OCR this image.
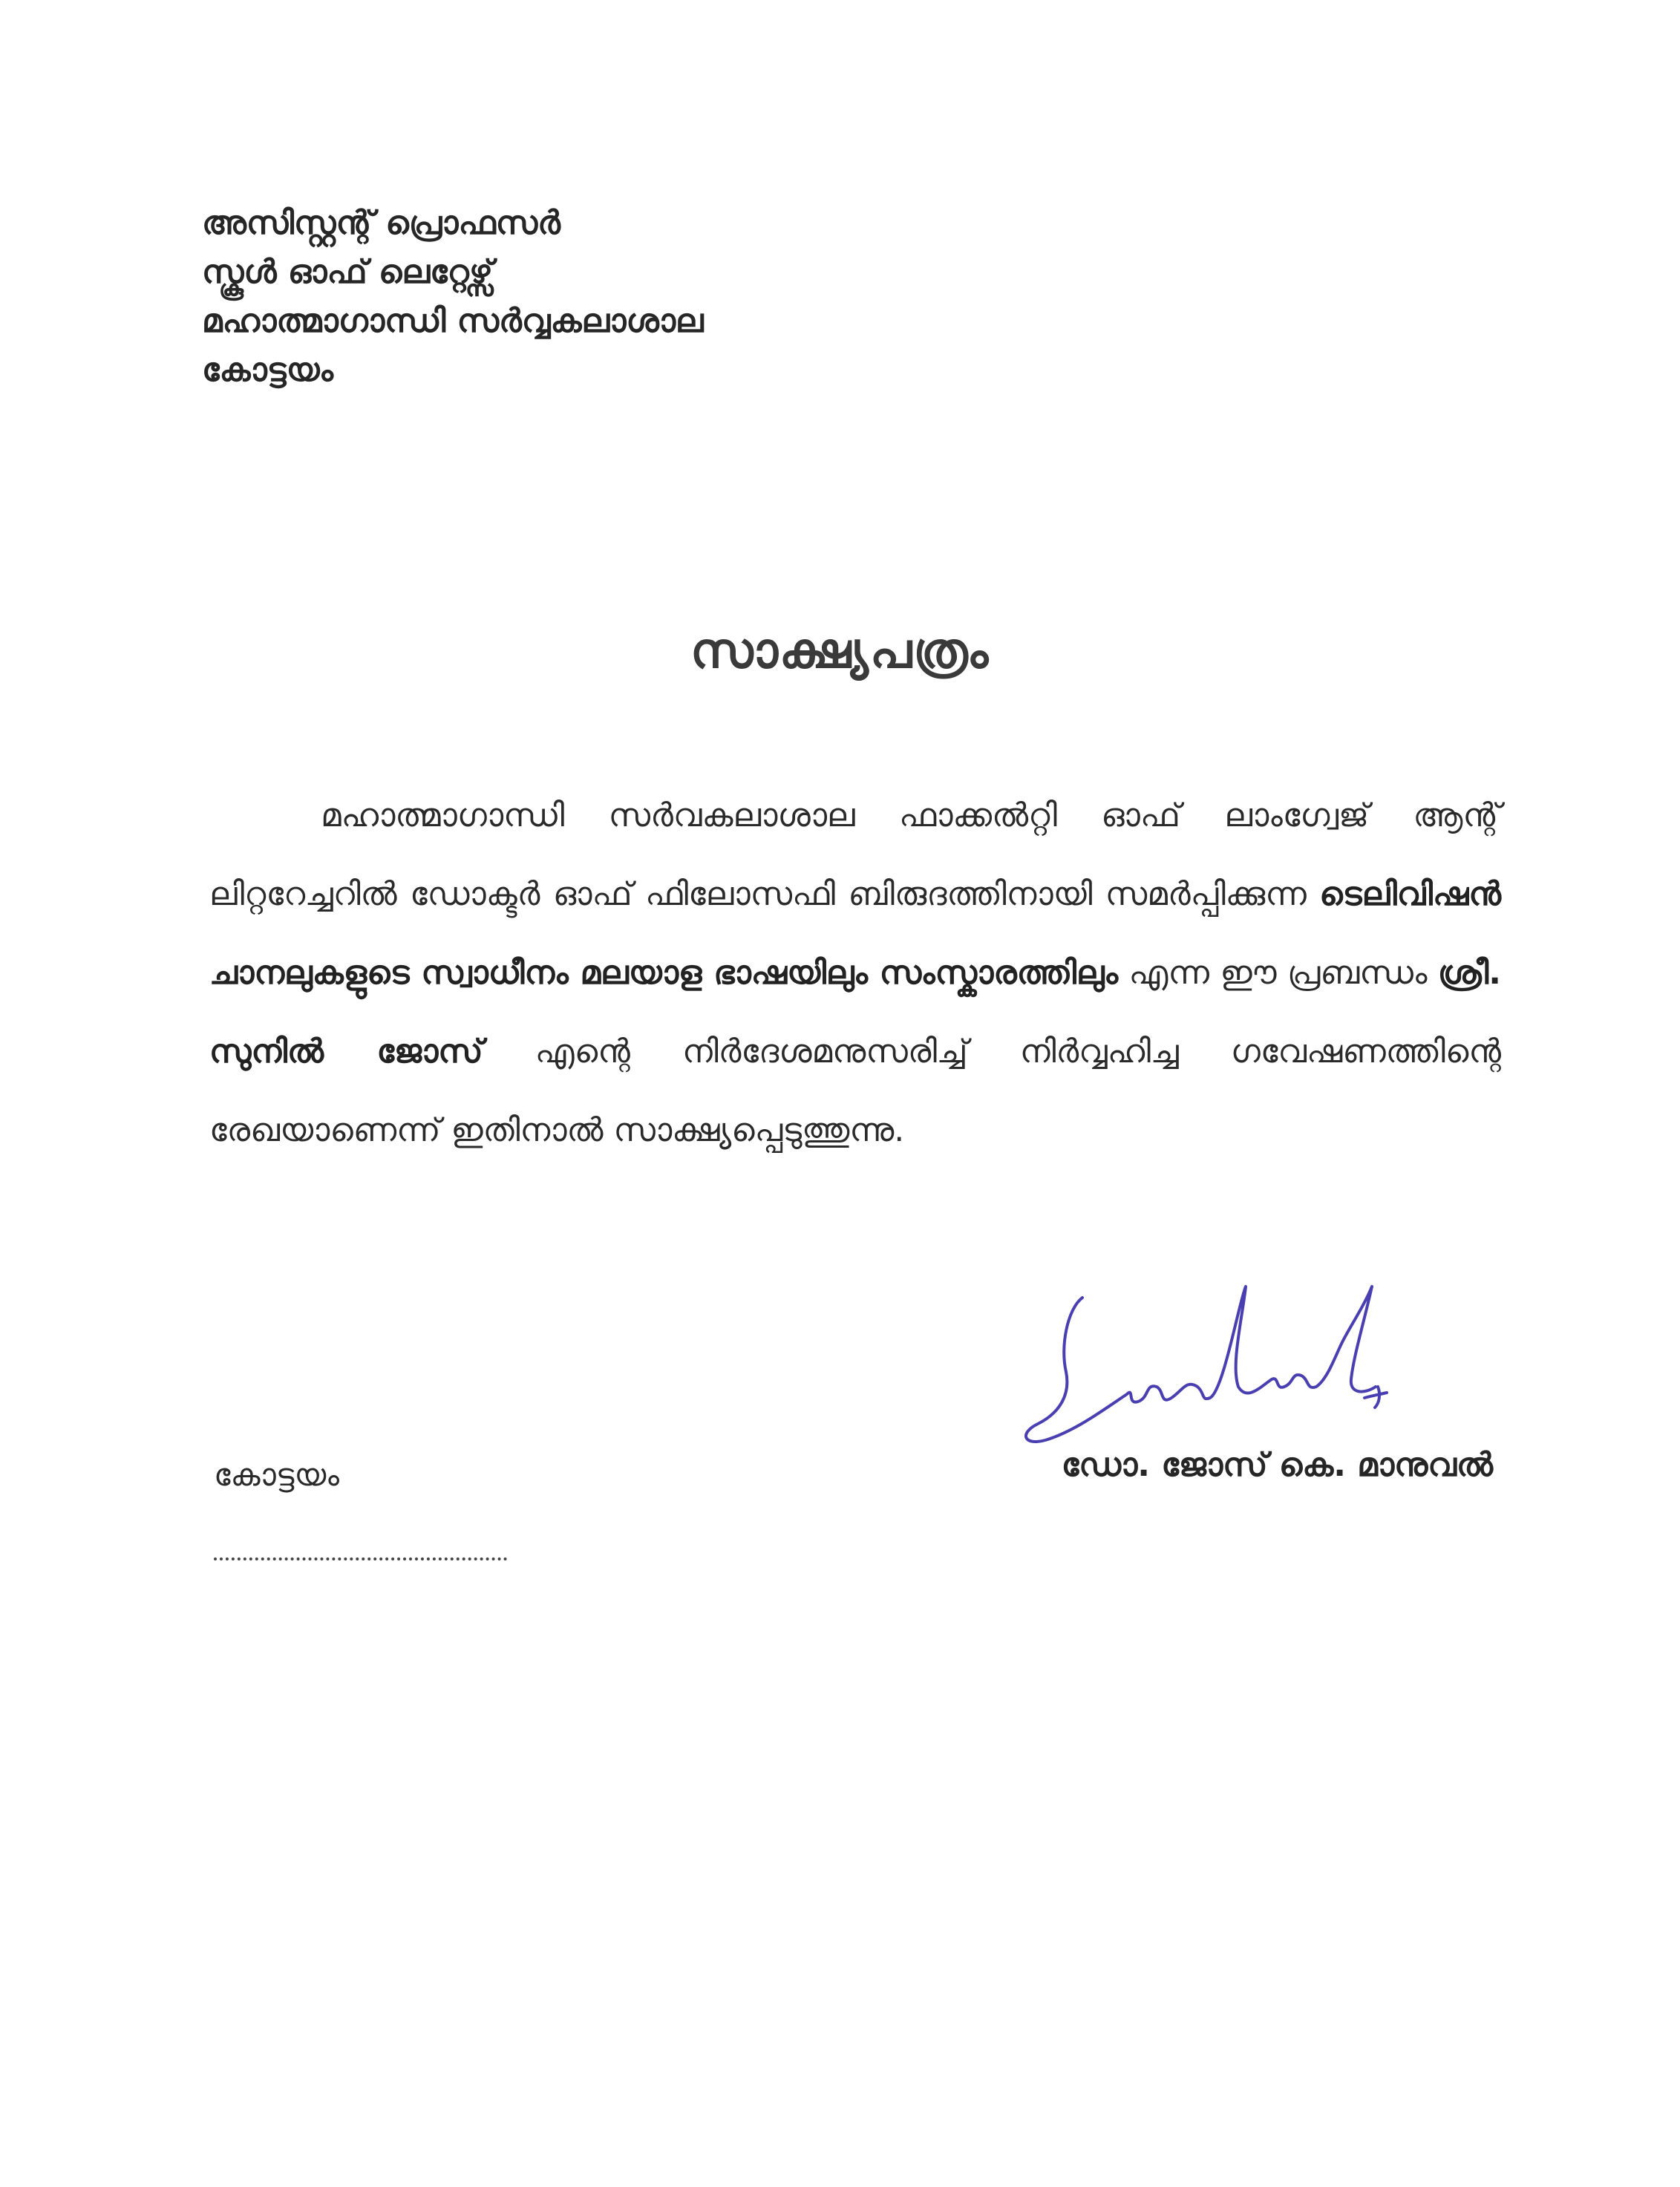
അസിസ്റ്റന്റ് പ്രൊഫസർ
സ്കൂൾ ഓഫ് ലെറ്റേഴ്സ്
മഹാത്മാഗാന്ധി സർവ്വകലാശാല
കോട്ടയം
സാക്ഷ്യപത്രം

മഹാത്മാഗാന്ധി സർവകലാശാല ഫാക്കൽറ്റി ഓഫ് ലാംഗ്വേജ് ആന്റ് ലിറ്ററേച്ചറിൽ ഡോക്ടർ ഓഫ് ഫിലോസഫി ബിരുദത്തിനായി സമർപ്പിക്കുന്ന ടെലിവിഷൻ ചാനലുകളുടെ സ്വാധീനം മലയാള ഭാഷയിലും സംസ്കാരത്തിലും എന്ന ഈ പ്രബന്ധം ശ്രീ. സുനിൽ ജോസ് എന്റെ നിർദേശമനുസരിച്ച് നിർവ്വഹിച്ച ഗവേഷണത്തിന്റെ രേഖയാണെന്ന് ഇതിനാൽ സാക്ഷ്യപ്പെടുത്തുന്നു.

ഡോ. ജോസ് കെ. മാനുവൽ
കോട്ടയം
